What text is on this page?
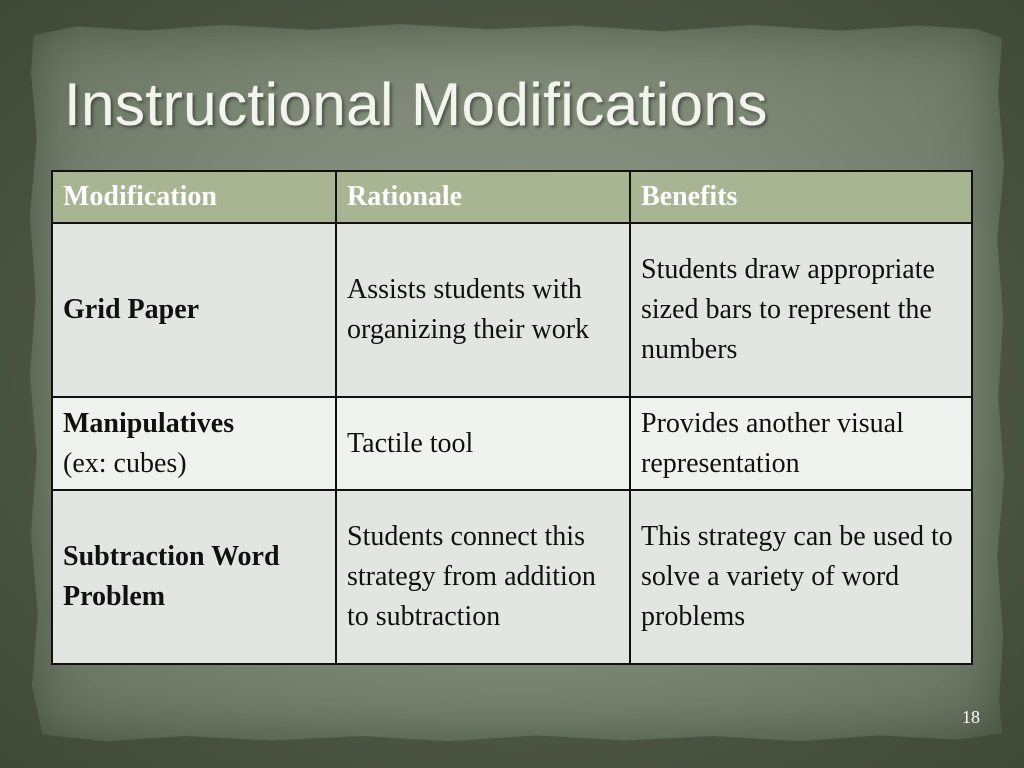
Instructional Modifications
Modification	Rationale	Benefits

Grid Paper	Assists students with organizing their work	Students draw appropriate sized bars to represent the numbers

Manipulatives
(ex: cubes)	Tactile tool	Provides another visual representation

Subtraction Word Problem	Students connect this strategy from addition to subtraction	This strategy can be used to solve a variety of word problems
18
